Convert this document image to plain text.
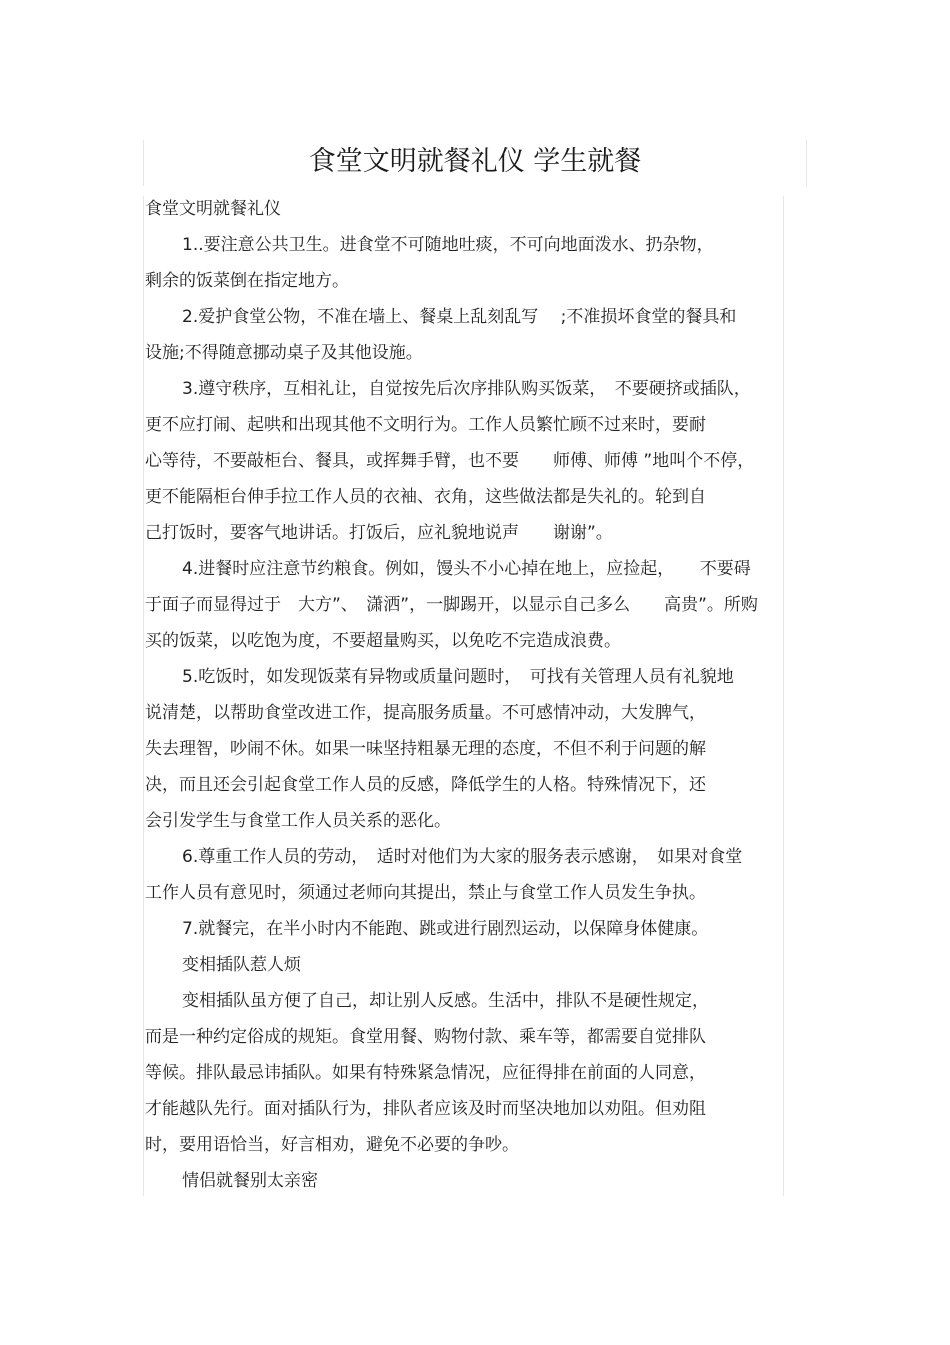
食堂文明就餐礼仪 学生就餐
食堂文明就餐礼仪
1..要注意公共卫生。进食堂不可随地吐痰，不可向地面泼水、扔杂物，
剩余的饭菜倒在指定地方。
2.爱护食堂公物，不准在墙上、餐桌上乱刻乱写　 ;不准损坏食堂的餐具和
设施;不得随意挪动桌子及其他设施。
3.遵守秩序，互相礼让，自觉按先后次序排队购买饭菜，　不要硬挤或插队，
更不应打闹、起哄和出现其他不文明行为。工作人员繁忙顾不过来时，要耐
心等待，不要敲柜台、餐具，或挥舞手臂，也不要　　师傅、师傅 ”地叫个不停，
更不能隔柜台伸手拉工作人员的衣袖、衣角，这些做法都是失礼的。轮到自
己打饭时，要客气地讲话。打饭后，应礼貌地说声　　谢谢”。
4.进餐时应注意节约粮食。例如，馒头不小心掉在地上，应捡起，　　不要碍
于面子而显得过于　大方”、　潇洒”，一脚踢开，以显示自己多么　　高贵”。所购
买的饭菜，以吃饱为度，不要超量购买，以免吃不完造成浪费。
5.吃饭时，如发现饭菜有异物或质量问题时，　可找有关管理人员有礼貌地
说清楚，以帮助食堂改进工作，提高服务质量。不可感情冲动，大发脾气，
失去理智，吵闹不休。如果一味坚持粗暴无理的态度，不但不利于问题的解
决，而且还会引起食堂工作人员的反感，降低学生的人格。特殊情况下，还
会引发学生与食堂工作人员关系的恶化。
6.尊重工作人员的劳动，　适时对他们为大家的服务表示感谢，　如果对食堂
工作人员有意见时，须通过老师向其提出，禁止与食堂工作人员发生争执。
7.就餐完，在半小时内不能跑、跳或进行剧烈运动，以保障身体健康。
变相插队惹人烦
变相插队虽方便了自己，却让别人反感。生活中，排队不是硬性规定，
而是一种约定俗成的规矩。食堂用餐、购物付款、乘车等，都需要自觉排队
等候。排队最忌讳插队。如果有特殊紧急情况，应征得排在前面的人同意，
才能越队先行。面对插队行为，排队者应该及时而坚决地加以劝阻。但劝阻
时，要用语恰当，好言相劝，避免不必要的争吵。
情侣就餐别太亲密
